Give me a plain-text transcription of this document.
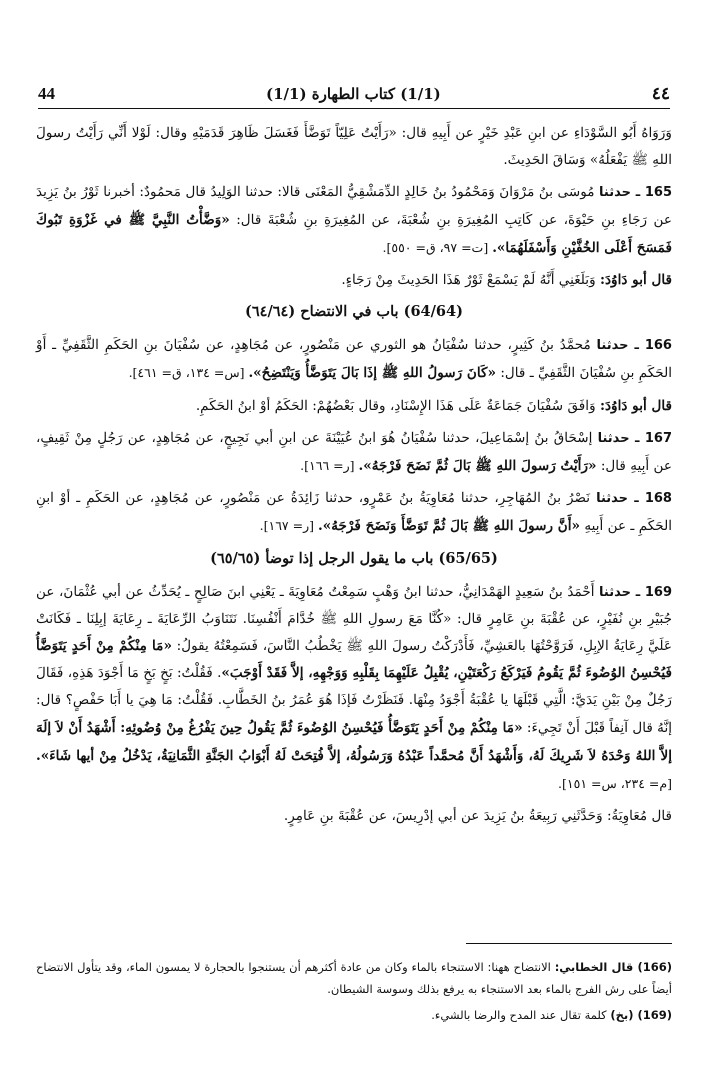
44	(1/1) كتاب الطهارة (1/1)	٤٤

وَرَوَاهُ أَبُو السَّوْدَاءِ عن ابنِ عَبْدِ خَيْرٍ عن أَبِيهِ قال: «رَأَيْتُ عَلِيّاً تَوَضَّأَ فَغَسَلَ ظَاهِرَ قَدَمَيْهِ وقال: لَوْلا أَنِّي رَأَيْتُ رسولَ اللهِ ﷺ يَفْعَلُهُ» وَسَاقَ الحَدِيثَ.

165 ـ حدثنا مُوسَى بنُ مَرْوَانَ وَمَحْمُودُ بنُ خَالِدٍ الدِّمَشْقِيُّ المَعْنَى قالا: حدثنا الوَلِيدُ قال مَحمُودٌ: أخبرنا ثَوْرُ بنُ يَزِيدَ عن رَجَاءِ بنِ حَيْوَةَ، عن كَاتِبِ المُغِيرَةِ بنِ شُعْبَةَ، عن المُغِيرَةِ بنِ شُعْبَةَ قال: «وَضَّأْتُ النَّبِيَّ ﷺ في غَزْوَةِ تَبُوكَ فَمَسَحَ أَعْلَى الخُفَّيْنِ وَأَسْفَلَهُمَا». [ت= ٩٧، ق= ٥٥٠].

قال أبو دَاوُدَ: وَبَلَغَنِي أَنَّهُ لَمْ يَسْمَعْ ثَوْرٌ هَذَا الحَدِيثَ مِنْ رَجَاءٍ.

(64/64) باب في الانتضاح (٦٤/٦٤)

166 ـ حدثنا مُحمَّدُ بنُ كَثِيرٍ، حدثنا سُفْيَانُ هو الثوري عن مَنْصُورٍ، عن مُجَاهِدٍ، عن سُفْيَانَ بنِ الحَكَمِ الثَّقَفِيِّ ـ أَوْ الحَكَمِ بنِ سُفْيَانَ الثَّقَفِيِّ ـ قال: «كَانَ رَسولُ اللهِ ﷺ إذَا بَالَ يَتَوَضَّأُ وَيَنْتَضِحُ». [س= ١٣٤، ق= ٤٦١].

قال أبو دَاوُدَ: وَافَقَ سُفْيَانَ جَمَاعَةٌ عَلَى هَذَا الإِسْنَادِ، وقال بَعْضُهُمْ: الحَكَمُ أوْ ابنُ الحَكَمِ.

167 ـ حدثنا إسْحَاقُ بنُ إسْمَاعِيلَ، حدثنا سُفْيَانُ هُوَ ابنُ عُيَيْنَةَ عن ابنِ أبي نَجِيحٍ، عن مُجَاهِدٍ، عن رَجُلٍ مِنْ ثَقِيفٍ، عن أَبِيهِ قال: «رَأَيْتُ رَسولَ اللهِ ﷺ بَالَ ثُمَّ نَضَحَ فَرْجَهُ». [ر= ١٦٦].

168 ـ حدثنا نَصْرُ بنُ المُهَاجِرِ، حدثنا مُعَاوِيَةُ بنُ عَمْرٍو، حدثنا زَائِدَةُ عن مَنْصُورٍ، عن مُجَاهِدٍ، عن الحَكَمِ ـ أوْ ابنِ الحَكَمِ ـ عن أَبِيهِ «أَنَّ رسولَ اللهِ ﷺ بَالَ ثُمَّ تَوَضَّأَ وَنَضَحَ فَرْجَهُ». [ر= ١٦٧].

(65/65) باب ما يقول الرجل إذا توضأ (٦٥/٦٥)

169 ـ حدثنا أَحْمَدُ بنُ سَعِيدٍ الهَمْدَانِيُّ، حدثنا ابنُ وَهْبٍ سَمِعْتُ مُعَاوِيَةَ ـ يَعْنِي ابنَ صَالِحٍ ـ يُحَدِّثُ عن أبي عُثْمَانَ، عن جُبَيْرِ بنِ نُفَيْرٍ، عن عُقْبَةَ بنِ عَامِرٍ قال: «كُنَّا مَعَ رسولِ اللهِ ﷺ خُدَّامَ أَنْفُسِنَا. نَتَنَاوَبُ الرِّعَايَةَ ـ رِعَايَةَ إبِلِنَا ـ فَكَانَتْ عَلَيَّ رِعَايَةُ الإبِلِ، فَرَوَّحْتُهَا بالعَشِيِّ، فَأَدْرَكْتُ رسولَ اللهِ ﷺ يَخْطُبُ النَّاسَ، فَسَمِعْتُهُ يقولُ: «مَا مِنْكُمْ مِنْ أَحَدٍ يَتَوَضَّأُ فَيُحْسِنُ الوُضُوءَ ثُمَّ يَقُومُ فَيَرْكَعُ رَكْعَتَيْنِ، يُقْبِلُ عَلَيْهِمَا بِقَلْبِهِ وَوَجْهِهِ، إلاَّ فَقَدْ أَوْجَبَ». فَقُلْتُ: بَخٍ بَخٍ مَا أَجْوَدَ هَذِهِ، فَقَالَ رَجُلٌ مِنْ بَيْنِ يَدَيَّ: الَّتِي قَبْلَهَا يا عُقْبَةُ أَجْوَدُ مِنْهَا. فَنَظَرْتُ فَإذَا هُوَ عُمَرُ بنُ الخَطَّابِ. فَقُلْتُ: مَا هِيَ يا أَبَا حَفْصٍ؟ قال: إنَّهُ قال آنِفاً قَبْلَ أَنْ تَجِيءَ: «مَا مِنْكُمْ مِنْ أَحَدٍ يَتَوَضَّأُ فَيُحْسِنُ الوُضُوءَ ثُمَّ يَقُولُ حِينَ يَفْرُغُ مِنْ وُضُوئِهِ: أَشْهَدُ أَنْ لاَ إلَهَ إلاَّ اللهُ وَحْدَهُ لاَ شَرِيكَ لَهُ، وَأَشْهَدُ أَنَّ مُحمَّداً عَبْدُهُ وَرَسُولُهُ، إلاَّ فُتِحَتْ لَهُ أَبْوَابُ الجَنَّةِ الثَّمَانِيَةُ، يَدْخُلُ مِنْ أيها شَاءَ». [م= ٢٣٤، س= ١٥١].

قال مُعَاوِيَةُ: وَحَدَّثَنِي رَبِيعَةُ بنُ يَزِيدَ عن أبي إدْرِيسَ، عن عُقْبَةَ بنِ عَامِرٍ.

(166) قال الخطابي: الانتضاح ههنا: الاستنجاء بالماء وكان من عادة أكثرهم أن يستنجوا بالحجارة لا يمسون الماء، وقد يتأول الانتضاح أيضاً على رش الفرج بالماء بعد الاستنجاء به يرفع بذلك وسوسة الشيطان.

(169) (بخ) كلمة تقال عند المدح والرضا بالشيء.
